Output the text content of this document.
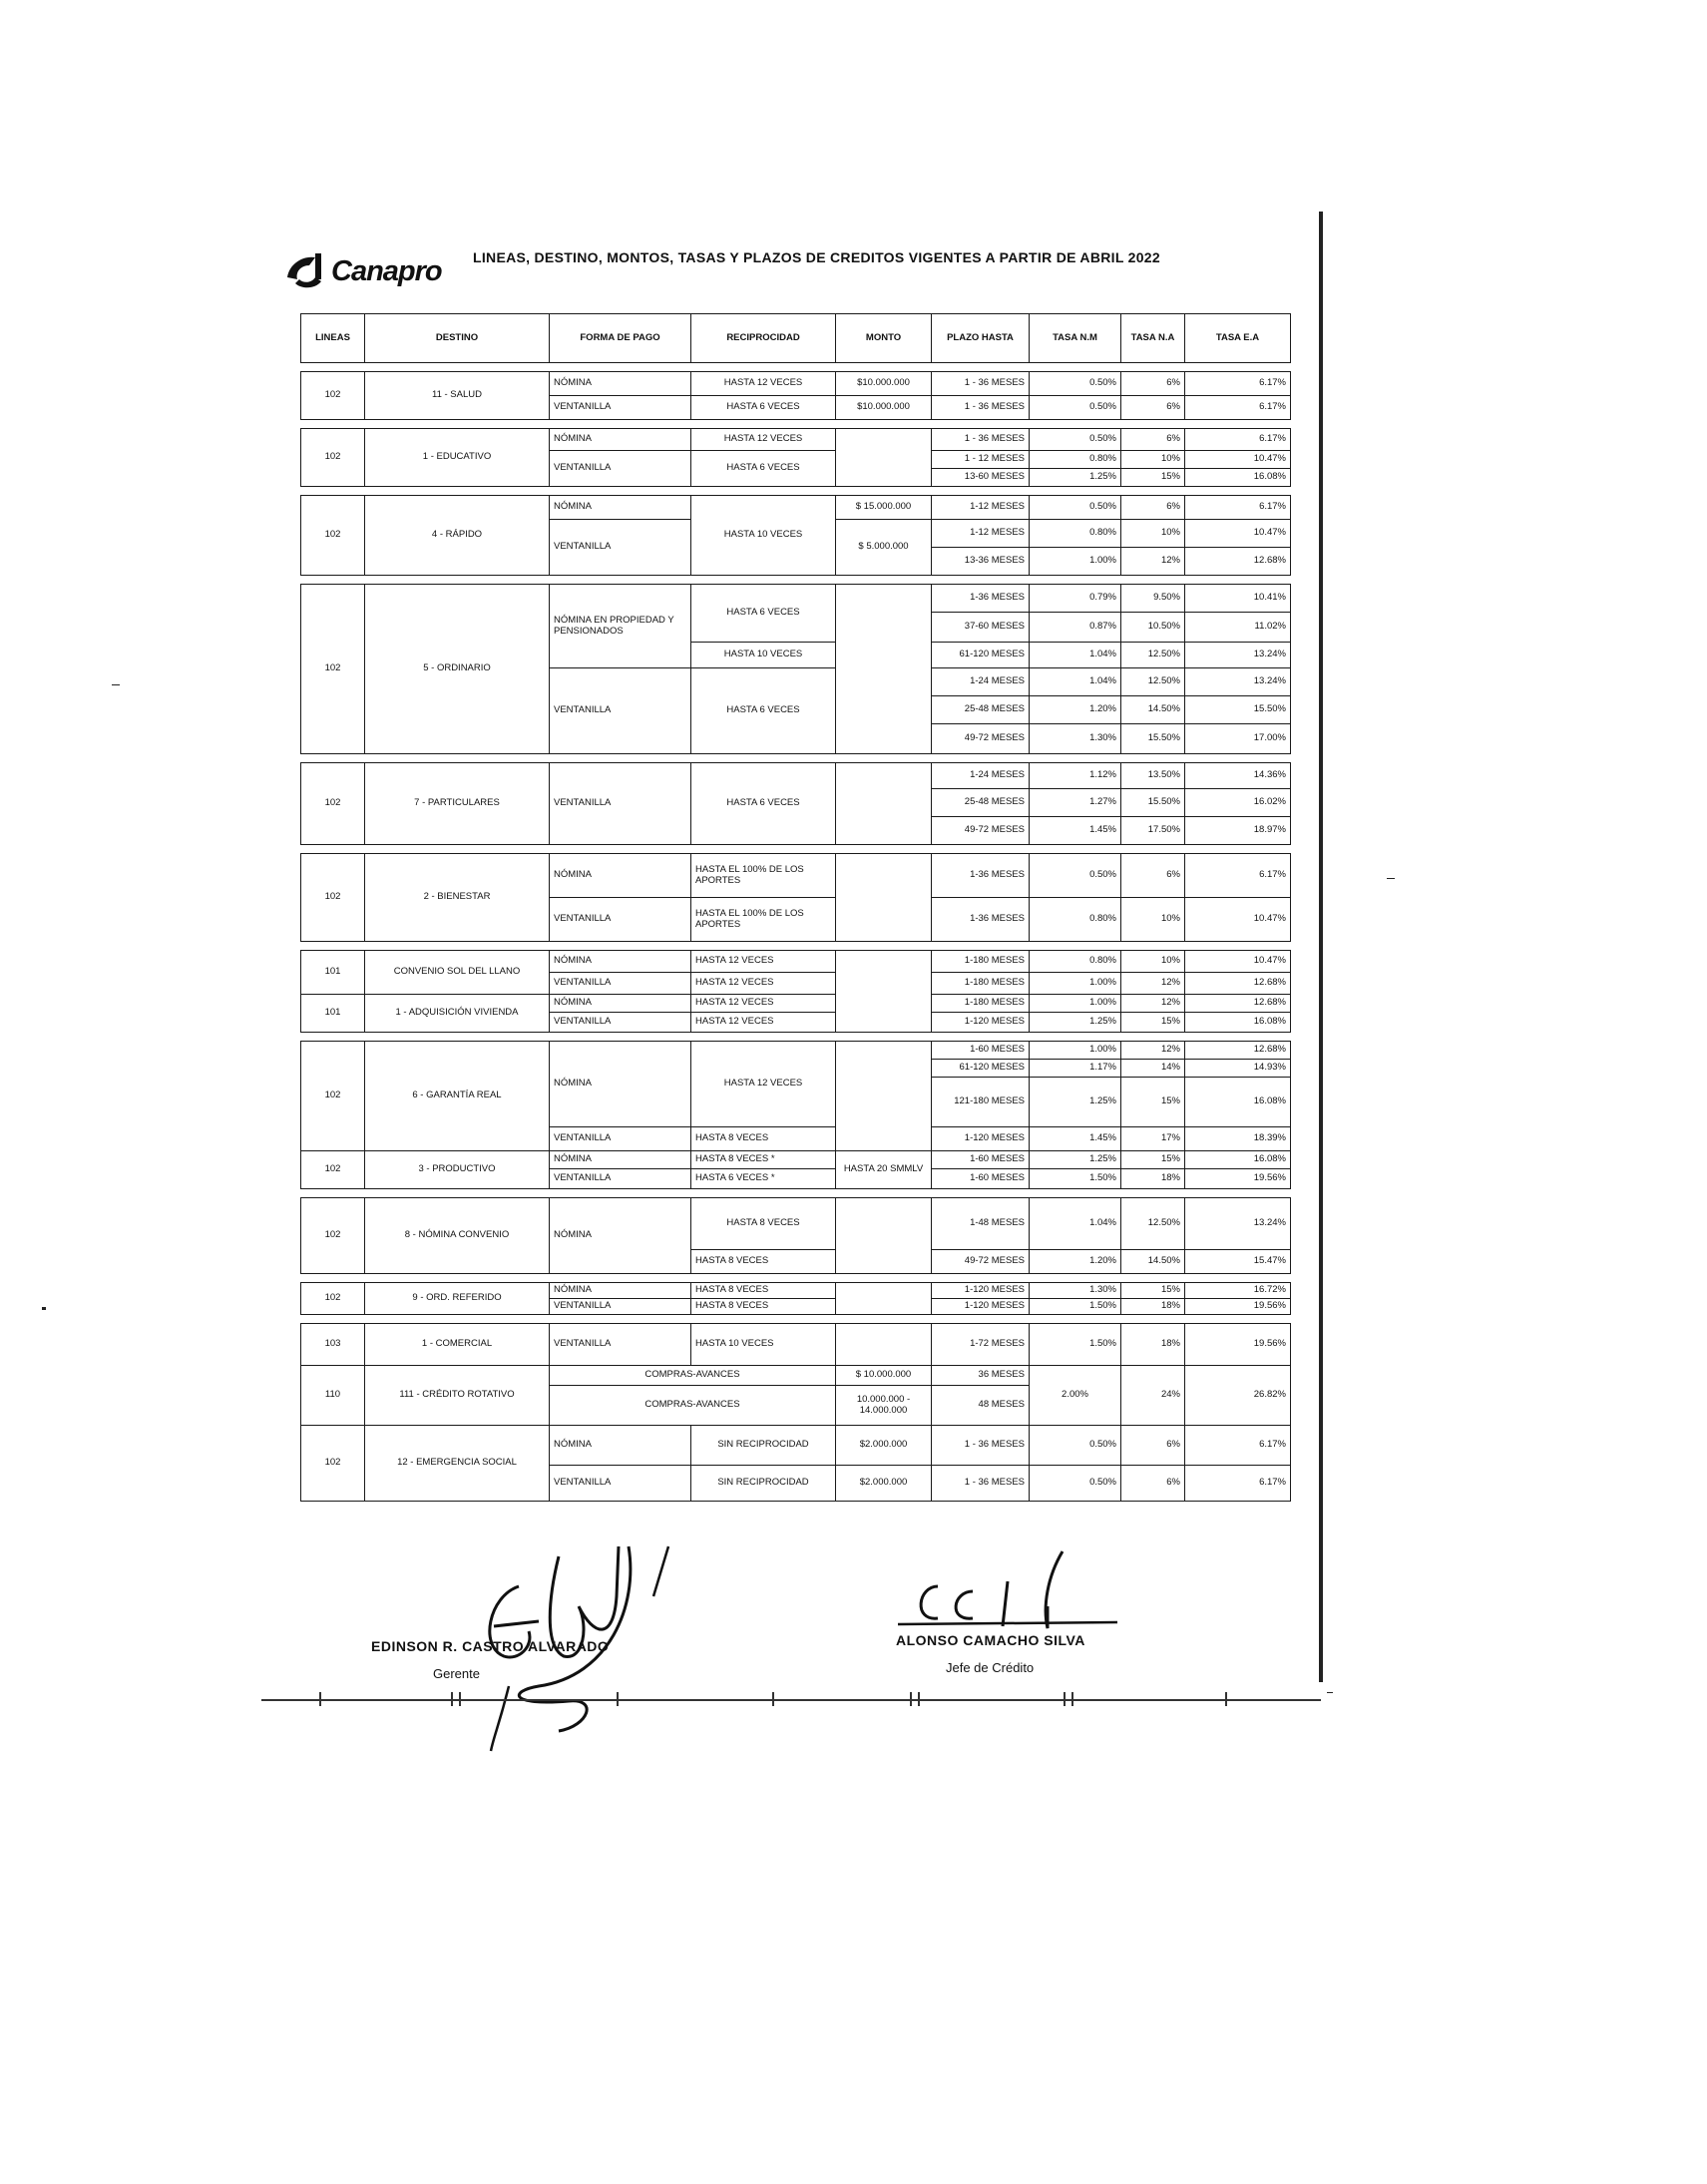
Canapro LINEAS, DESTINO, MONTOS, TASAS Y PLAZOS DE CREDITOS VIGENTES A PARTIR DE ABRIL 2022
LINEAS	DESTINO	FORMA DE PAGO	RECIPROCIDAD	MONTO	PLAZO HASTA	TASA N.M	TASA N.A	TASA E.A

102	11 - SALUD	NÓMINA	HASTA 12 VECES	$10.000.000	1 - 36 MESES	0.50%	6%	6.17%
		VENTANILLA	HASTA 6 VECES	$10.000.000	1 - 36 MESES	0.50%	6%	6.17%

102	1 - EDUCATIVO	NÓMINA	HASTA 12 VECES		1 - 36 MESES	0.50%	6%	6.17%
		VENTANILLA	HASTA 6 VECES		1 - 12 MESES	0.80%	10%	10.47%
					13-60 MESES	1.25%	15%	16.08%

102	4 - RÁPIDO	NÓMINA	HASTA 10 VECES	$ 15.000.000	1-12 MESES	0.50%	6%	6.17%
		VENTANILLA		$ 5.000.000	1-12 MESES	0.80%	10%	10.47%
					13-36 MESES	1.00%	12%	12.68%

102	5 - ORDINARIO	NÓMINA EN PROPIEDAD Y PENSIONADOS	HASTA 6 VECES		1-36 MESES	0.79%	9.50%	10.41%
					37-60 MESES	0.87%	10.50%	11.02%
			HASTA 10 VECES		61-120 MESES	1.04%	12.50%	13.24%
		VENTANILLA	HASTA 6 VECES		1-24 MESES	1.04%	12.50%	13.24%
					25-48 MESES	1.20%	14.50%	15.50%
					49-72 MESES	1.30%	15.50%	17.00%

102	7 - PARTICULARES	VENTANILLA	HASTA 6 VECES		1-24 MESES	1.12%	13.50%	14.36%
					25-48 MESES	1.27%	15.50%	16.02%
					49-72 MESES	1.45%	17.50%	18.97%

102	2 - BIENESTAR	NÓMINA	HASTA EL 100% DE LOS APORTES		1-36 MESES	0.50%	6%	6.17%
		VENTANILLA	HASTA EL 100% DE LOS APORTES		1-36 MESES	0.80%	10%	10.47%

101	CONVENIO SOL DEL LLANO	NÓMINA	HASTA 12 VECES		1-180 MESES	0.80%	10%	10.47%
		VENTANILLA	HASTA 12 VECES		1-180 MESES	1.00%	12%	12.68%
101	1 - ADQUISICIÓN VIVIENDA	NÓMINA	HASTA 12 VECES		1-180 MESES	1.00%	12%	12.68%
		VENTANILLA	HASTA 12 VECES		1-120 MESES	1.25%	15%	16.08%

102	6 - GARANTÍA REAL	NÓMINA	HASTA 12 VECES		1-60 MESES	1.00%	12%	12.68%
					61-120 MESES	1.17%	14%	14.93%
					121-180 MESES	1.25%	15%	16.08%
		VENTANILLA	HASTA 8 VECES		1-120 MESES	1.45%	17%	18.39%
102	3 - PRODUCTIVO	NÓMINA	HASTA 8 VECES *	HASTA 20 SMMLV	1-60 MESES	1.25%	15%	16.08%
		VENTANILLA	HASTA 6 VECES *		1-60 MESES	1.50%	18%	19.56%

102	8 - NÓMINA CONVENIO	NÓMINA	HASTA 8 VECES		1-48 MESES	1.04%	12.50%	13.24%
			HASTA 8 VECES		49-72 MESES	1.20%	14.50%	15.47%

102	9 - ORD. REFERIDO	NÓMINA	HASTA 8 VECES		1-120 MESES	1.30%	15%	16.72%
		VENTANILLA	HASTA 8 VECES		1-120 MESES	1.50%	18%	19.56%

103	1 - COMERCIAL	VENTANILLA	HASTA 10 VECES		1-72 MESES	1.50%	18%	19.56%
110	111 - CRÉDITO ROTATIVO	COMPRAS-AVANCES		$ 10.000.000	36 MESES	2.00%	24%	26.82%
		COMPRAS-AVANCES		10.000.000 - 14.000.000	48 MESES			
102	12 - EMERGENCIA SOCIAL	NÓMINA	SIN RECIPROCIDAD	$2.000.000	1 - 36 MESES	0.50%	6%	6.17%
		VENTANILLA	SIN RECIPROCIDAD	$2.000.000	1 - 36 MESES	0.50%	6%	6.17%
EDINSON R. CASTRO ALVARADO
Gerente
ALONSO CAMACHO SILVA
Jefe de Crédito
